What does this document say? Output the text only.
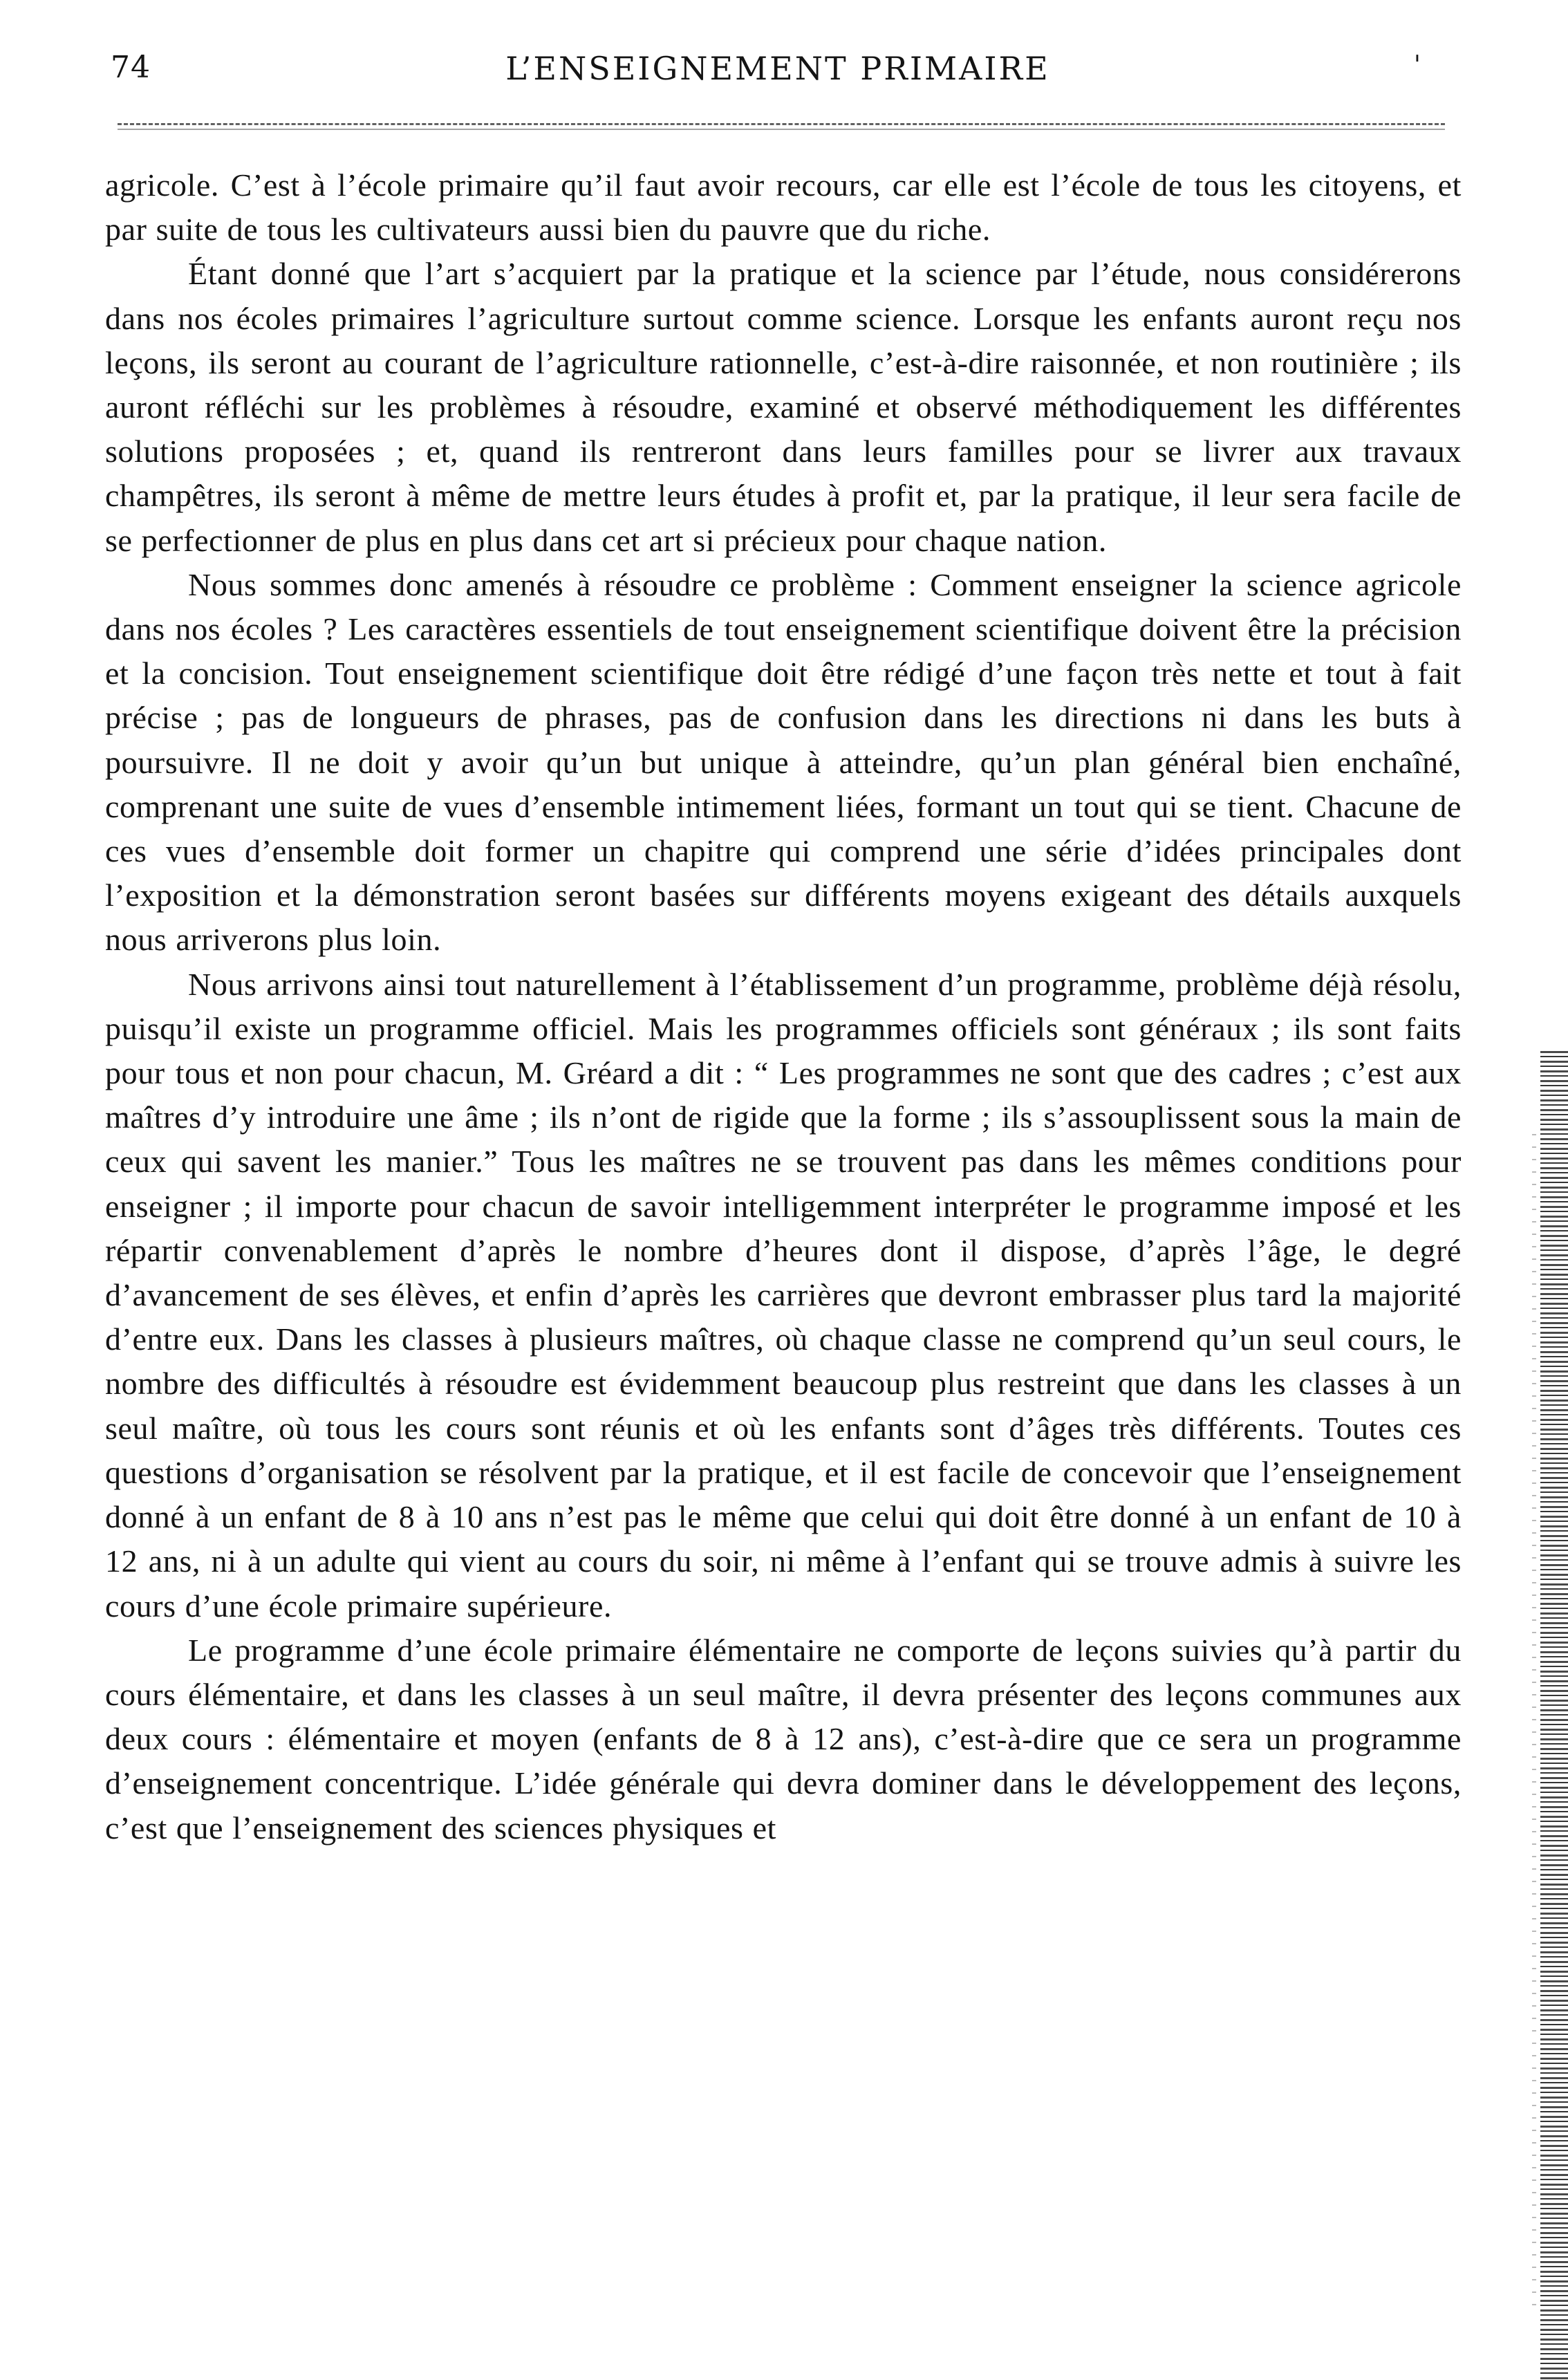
74	L’ENSEIGNEMENT PRIMAIRE	'

agricole. C’est à l’école primaire qu’il faut avoir recours, car elle est l’école de tous les citoyens, et par suite de tous les cultivateurs aussi bien du pauvre que du riche.

Étant donné que l’art s’acquiert par la pratique et la science par l’étude, nous considérerons dans nos écoles primaires l’agriculture surtout comme science. Lorsque les enfants auront reçu nos leçons, ils seront au courant de l’agriculture rationnelle, c’est-à-dire raisonnée, et non routinière ; ils auront réfléchi sur les problèmes à résoudre, examiné et observé méthodiquement les différentes solutions proposées ; et, quand ils rentreront dans leurs familles pour se livrer aux travaux champêtres, ils seront à même de mettre leurs études à profit et, par la pratique, il leur sera facile de se perfectionner de plus en plus dans cet art si précieux pour chaque nation.

Nous sommes donc amenés à résoudre ce problème : Comment enseigner la science agricole dans nos écoles ? Les caractères essentiels de tout enseignement scientifique doivent être la précision et la concision. Tout enseignement scientifique doit être rédigé d’une façon très nette et tout à fait précise ; pas de longueurs de phrases, pas de confusion dans les directions ni dans les buts à poursuivre. Il ne doit y avoir qu’un but unique à atteindre, qu’un plan général bien enchaîné, comprenant une suite de vues d’ensemble intimement liées, formant un tout qui se tient. Chacune de ces vues d’ensemble doit former un chapitre qui comprend une série d’idées principales dont l’exposition et la démonstration seront basées sur différents moyens exigeant des détails auxquels nous arriverons plus loin.

Nous arrivons ainsi tout naturellement à l’établissement d’un programme, problème déjà résolu, puisqu’il existe un programme officiel. Mais les programmes officiels sont généraux ; ils sont faits pour tous et non pour chacun, M. Gréard a dit : “ Les programmes ne sont que des cadres ; c’est aux maîtres d’y introduire une âme ; ils n’ont de rigide que la forme ; ils s’assouplissent sous la main de ceux qui savent les manier.” Tous les maîtres ne se trouvent pas dans les mêmes conditions pour enseigner ; il importe pour chacun de savoir intelligemment interpréter le programme imposé et les répartir convenablement d’après le nombre d’heures dont il dispose, d’après l’âge, le degré d’avancement de ses élèves, et enfin d’après les carrières que devront embrasser plus tard la majorité d’entre eux. Dans les classes à plusieurs maîtres, où chaque classe ne comprend qu’un seul cours, le nombre des difficultés à résoudre est évidemment beaucoup plus restreint que dans les classes à un seul maître, où tous les cours sont réunis et où les enfants sont d’âges très différents. Toutes ces questions d’organisation se résolvent par la pratique, et il est facile de concevoir que l’enseignement donné à un enfant de 8 à 10 ans n’est pas le même que celui qui doit être donné à un enfant de 10 à 12 ans, ni à un adulte qui vient au cours du soir, ni même à l’enfant qui se trouve admis à suivre les cours d’une école primaire supérieure.

Le programme d’une école primaire élémentaire ne comporte de leçons suivies qu’à partir du cours élémentaire, et dans les classes à un seul maître, il devra présenter des leçons communes aux deux cours : élémentaire et moyen (enfants de 8 à 12 ans), c’est-à-dire que ce sera un programme d’enseignement concentrique. L’idée générale qui devra dominer dans le développement des leçons, c’est que l’enseignement des sciences physiques et
